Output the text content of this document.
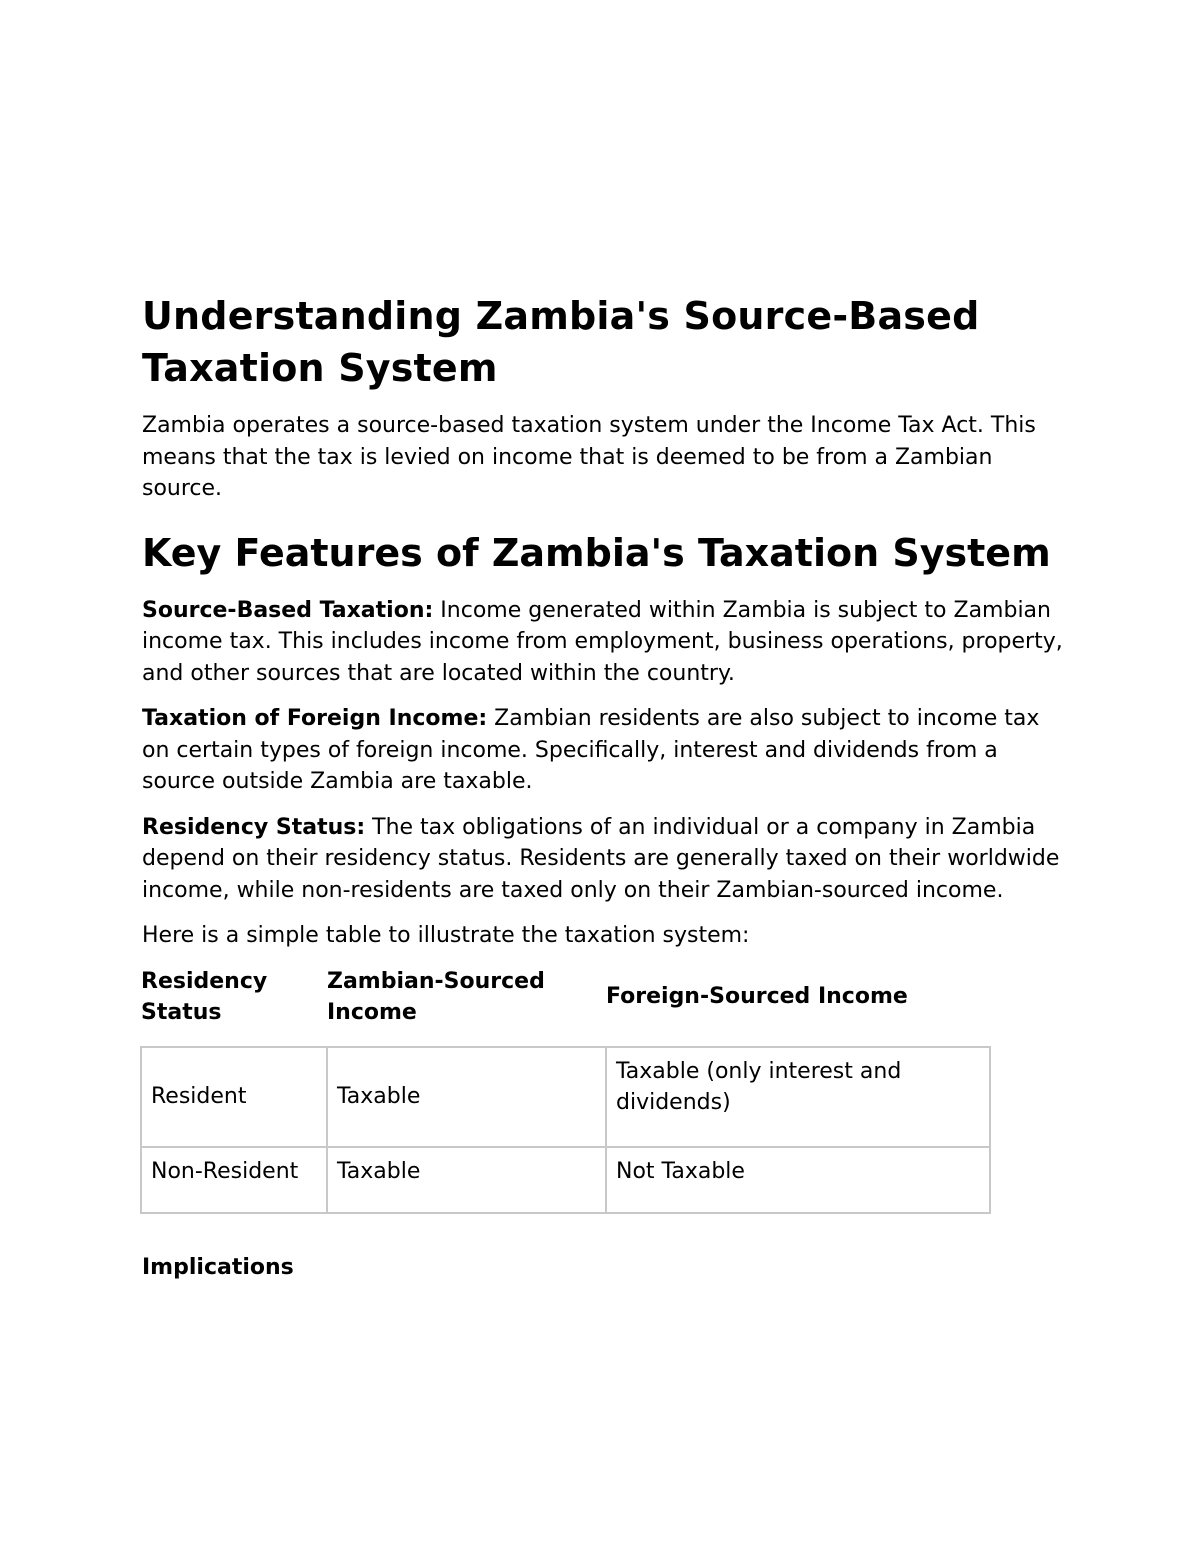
Understanding Zambia's Source-Based Taxation System

Zambia operates a source-based taxation system under the Income Tax Act. This means that the tax is levied on income that is deemed to be from a Zambian source.

Key Features of Zambia's Taxation System

Source-Based Taxation: Income generated within Zambia is subject to Zambian income tax. This includes income from employment, business operations, property, and other sources that are located within the country.

Taxation of Foreign Income: Zambian residents are also subject to income tax on certain types of foreign income. Specifically, interest and dividends from a source outside Zambia are taxable.

Residency Status: The tax obligations of an individual or a company in Zambia depend on their residency status. Residents are generally taxed on their worldwide income, while non-residents are taxed only on their Zambian-sourced income.

Here is a simple table to illustrate the taxation system:

Residency Status	Zambian-Sourced Income	Foreign-Sourced Income
Resident	Taxable	Taxable (only interest and dividends)
Non-Resident	Taxable	Not Taxable
Implications
